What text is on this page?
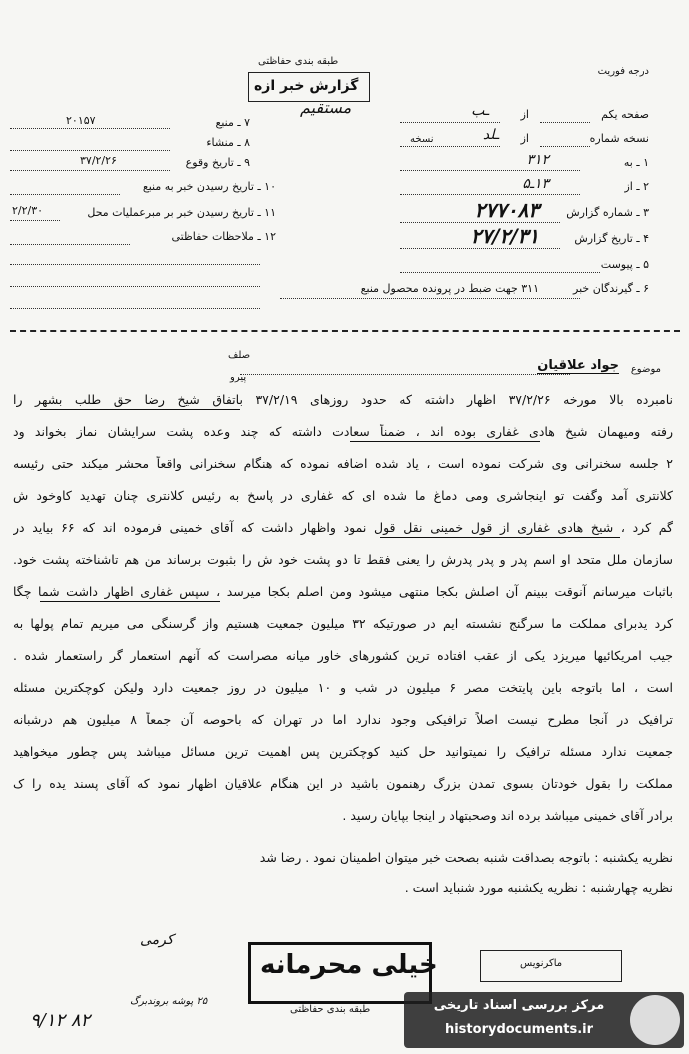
درجه فوریت
طبقه بندی حفاظتی
گزارش خبر ازه
مستقیم	صفحه یکم
از
ـب
نسخه شماره
از
ـلد
نسخه
۱ ـ به
۳۱۲
۲ ـ از
۱۳ـ۵
۳ ـ شماره گزارش
۲۷۷۰۸۳
۴ ـ تاریخ گزارش
۲۷/۲/۳۱
۵ ـ پیوست
۶ ـ گیرندگان خبر
۳۱۱ جهت ضبط در پرونده محصول منبع
۷ ـ منبع
۲۰۱۵۷
۸ ـ منشاء
۹ ـ تاریخ وقوع
۳۷/۲/۲۶
۱۰ ـ تاریخ رسیدن خبر به منبع
۱۱ ـ تاریخ رسیدن خبر بر مبرعملیات محل
۲/۲/۳۰
۱۲ ـ ملاحظات حفاظتی
صلف
پیرو
موضوع
جواد علاقیان
نامبرده بالا مورخه ۳۷/۲/۲۶ اظهار داشته که حدود روزهای ۳۷/۲/۱۹ باتفاق شیخ رضا حق طلب بشهر را
رفته ومیهمان شیخ هادی غفاری بوده اند ، ضمناً سعادت داشته که چند وعده پشت سرایشان نماز بخواند ود
۲ جلسه سخنرانی وی شرکت نموده است ، یاد شده اضافه نموده که هنگام سخنرانی واقعاً محشر میکند حتی رئیسه
کلانتری آمد وگفت تو اینجاشری ومی دماغ ما شده ای که غفاری در پاسخ به رئیس کلانتری چنان تهدید کاوخود ش
گم کرد ، شیخ هادی غفاری از قول خمینی نقل قول نمود واظهار داشت که آقای خمینی فرموده اند که ۶۶ بیاید در
سازمان ملل متحد او اسم پدر و پدر پدرش را یعنی فقط تا دو پشت خود ش را بثبوت برساند من هم تاشناخته پشت خود.
باثبات میرسانم آنوقت ببینم آن اصلش بکجا منتهی میشود ومن اصلم بکجا میرسد ، سپس غفاری اظهار داشت شما چگا
کرد یدبرای مملکت ما سرگنج نشسته ایم در صورتیکه ۳۲ میلیون جمعیت هستیم واز گرسنگی می میریم تمام پولها به
جیب امریکائیها میریزد یکی از عقب افتاده ترین کشورهای خاور میانه مصراست که آنهم استعمار گر راستعمار شده .
است ، اما باتوجه باین پایتخت مصر ۶ میلیون در شب و ۱۰ میلیون در روز جمعیت دارد ولیکن کوچکترین مسئله
ترافیک در آنجا مطرح نیست اصلاً ترافیکی وجود ندارد اما در تهران که باحوصه آن جمعاً ۸ میلیون هم درشبانه
جمعیت ندارد مسئله ترافیک را نمیتوانید حل کنید کوچکترین پس اهمیت ترین مسائل میباشد پس چطور میخواهید
مملکت را بقول خودتان بسوی تمدن بزرگ رهنمون باشید در این هنگام علاقیان اظهار نمود که آقای پسند یده را ک
برادر آقای خمینی میباشد برده اند وصحبتهاد ر اینجا بپایان رسید .
نظریه یکشنبه : باتوجه بصداقت شنبه بصحت خبر میتوان اطمینان نمود . رضا شد
نظریه چهارشنبه : نظریه یکشنبه مورد شنباید است .
کرمی
۲۵ پوشه بروندبرگ
۸۲ ۹/۱۲
خیلی محرمانه
طبقه بندی حفاظتی
ماکرنویس
مرکز بررسی اسناد تاریخی
historydocuments.ir
